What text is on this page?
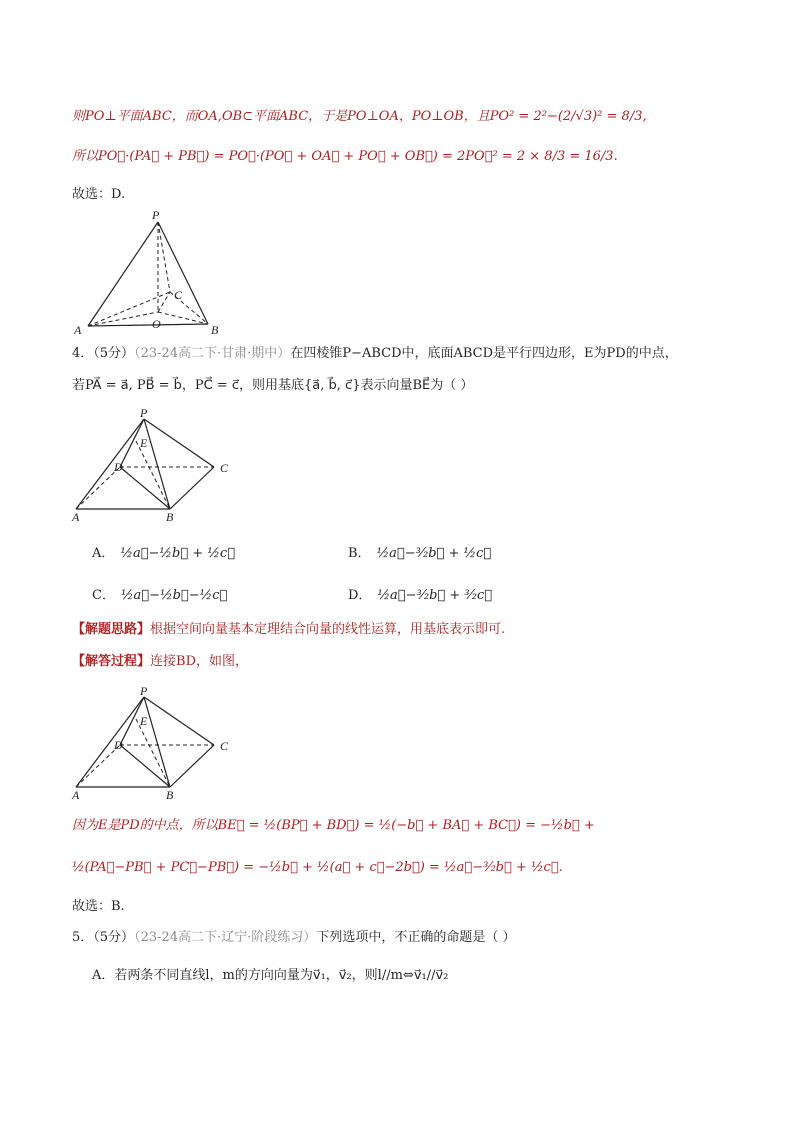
则PO⊥平面ABC，而OA,OB⊂平面ABC，于是PO⊥OA，PO⊥OB，且PO² = 2²−(2/√3)² = 8/3,
所以PO⃗·(PA⃗ + PB⃗) = PO⃗·(PO⃗ + OA⃗ + PO⃗ + OB⃗) = 2PO⃗² = 2 × 8/3 = 16/3.
故选：D.
P
C
O
A	B
4．（5分）（23-24高二下·甘肃·期中）在四棱锥P−ABCD中，底面ABCD是平行四边形，E为PD的中点，
若PA⃗ = a⃗, PB⃗ = b⃗，PC⃗ = c⃗，则用基底{a⃗, b⃗, c⃗}表示向量BE⃗为（ ）
P
E
D	C
A	B
A． ½a⃗−½b⃗ + ½c⃗	B． ½a⃗−³⁄₂b⃗ + ½c⃗
C． ½a⃗−½b⃗−½c⃗	D． ½a⃗−³⁄₂b⃗ + ³⁄₂c⃗
【解题思路】根据空间向量基本定理结合向量的线性运算，用基底表示即可.
【解答过程】连接BD，如图，
P
E
D	C
A	B
因为E是PD的中点，所以BE⃗ = ½(BP⃗ + BD⃗) = ½(−b⃗ + BA⃗ + BC⃗) = −½b⃗ +
½(PA⃗−PB⃗ + PC⃗−PB⃗) = −½b⃗ + ½(a⃗ + c⃗−2b⃗) = ½a⃗−³⁄₂b⃗ + ½c⃗.
故选：B.
5．（5分）（23-24高二下·辽宁·阶段练习）下列选项中，不正确的命题是（ ）
A．若两条不同直线l，m的方向向量为v⃗₁，v⃗₂，则l//m⇔v⃗₁//v⃗₂
